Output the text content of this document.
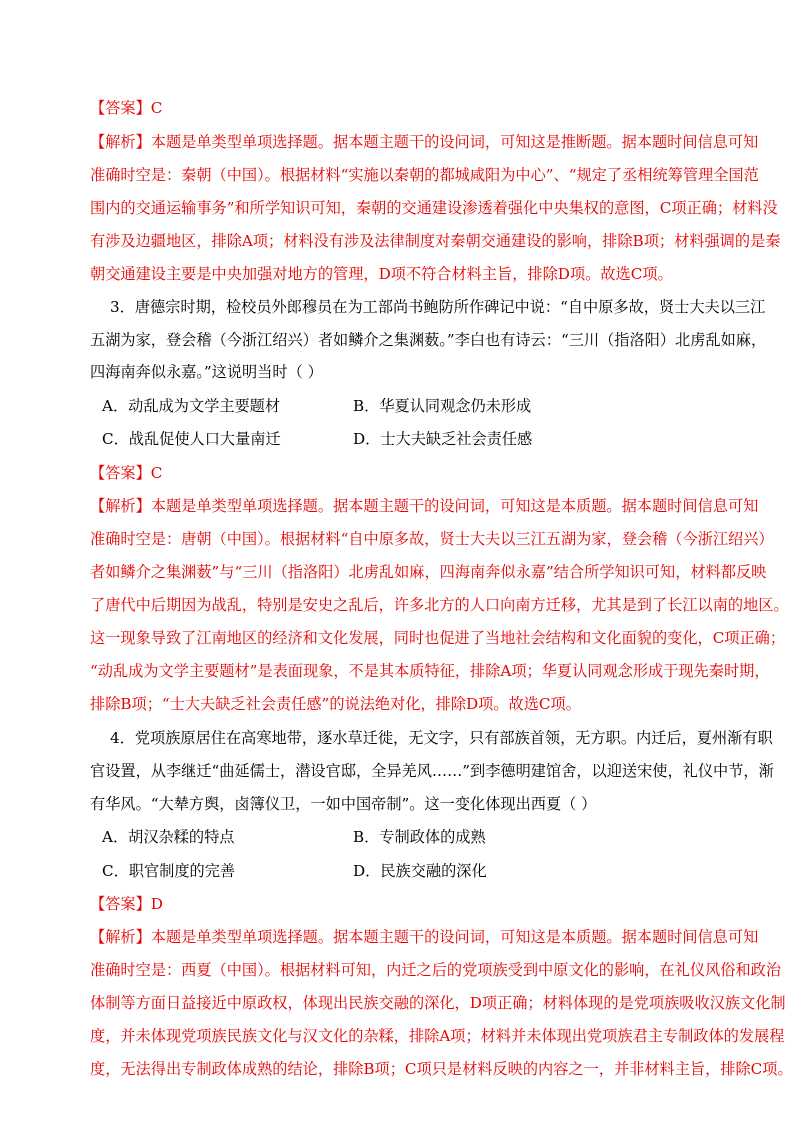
【答案】C
【解析】本题是单类型单项选择题。据本题主题干的设问词，可知这是推断题。据本题时间信息可知
准确时空是：秦朝（中国）。根据材料“实施以秦朝的都城咸阳为中心”、“规定了丞相统筹管理全国范
围内的交通运输事务”和所学知识可知，秦朝的交通建设渗透着强化中央集权的意图，C项正确；材料没
有涉及边疆地区，排除A项；材料没有涉及法律制度对秦朝交通建设的影响，排除B项；材料强调的是秦
朝交通建设主要是中央加强对地方的管理，D项不符合材料主旨，排除D项。故选C项。
3．唐德宗时期，检校员外郎穆员在为工部尚书鲍防所作碑记中说：“自中原多故，贤士大夫以三江
五湖为家，登会稽（今浙江绍兴）者如鳞介之集渊薮。”李白也有诗云：“三川（指洛阳）北虏乱如麻，
四海南奔似永嘉。”这说明当时（ ）
A．动乱成为文学主要题材	B．华夏认同观念仍未形成
C．战乱促使人口大量南迁	D．士大夫缺乏社会责任感
【答案】C
【解析】本题是单类型单项选择题。据本题主题干的设问词，可知这是本质题。据本题时间信息可知
准确时空是：唐朝（中国）。根据材料“自中原多故，贤士大夫以三江五湖为家，登会稽（今浙江绍兴）
者如鳞介之集渊薮”与“三川（指洛阳）北虏乱如麻，四海南奔似永嘉”结合所学知识可知，材料都反映
了唐代中后期因为战乱，特别是安史之乱后，许多北方的人口向南方迁移，尤其是到了长江以南的地区。
这一现象导致了江南地区的经济和文化发展，同时也促进了当地社会结构和文化面貌的变化，C项正确；
“动乱成为文学主要题材”是表面现象，不是其本质特征，排除A项；华夏认同观念形成于现先秦时期，
排除B项；“士大夫缺乏社会责任感”的说法绝对化，排除D项。故选C项。
4．党项族原居住在高寒地带，逐水草迁徙，无文字，只有部族首领，无方职。内迁后，夏州渐有职
官设置，从李继迁“曲延儒士，潜设官邸，全异羌风……”到李德明建馆舍，以迎送宋使，礼仪中节，渐
有华风。“大辇方舆，卤簿仪卫，一如中国帝制”。这一变化体现出西夏（ ）
A．胡汉杂糅的特点	B．专制政体的成熟
C．职官制度的完善	D．民族交融的深化
【答案】D
【解析】本题是单类型单项选择题。据本题主题干的设问词，可知这是本质题。据本题时间信息可知
准确时空是：西夏（中国）。根据材料可知，内迁之后的党项族受到中原文化的影响，在礼仪风俗和政治
体制等方面日益接近中原政权，体现出民族交融的深化，D项正确；材料体现的是党项族吸收汉族文化制
度，并未体现党项族民族文化与汉文化的杂糅，排除A项；材料并未体现出党项族君主专制政体的发展程
度，无法得出专制政体成熟的结论，排除B项；C项只是材料反映的内容之一，并非材料主旨，排除C项。
